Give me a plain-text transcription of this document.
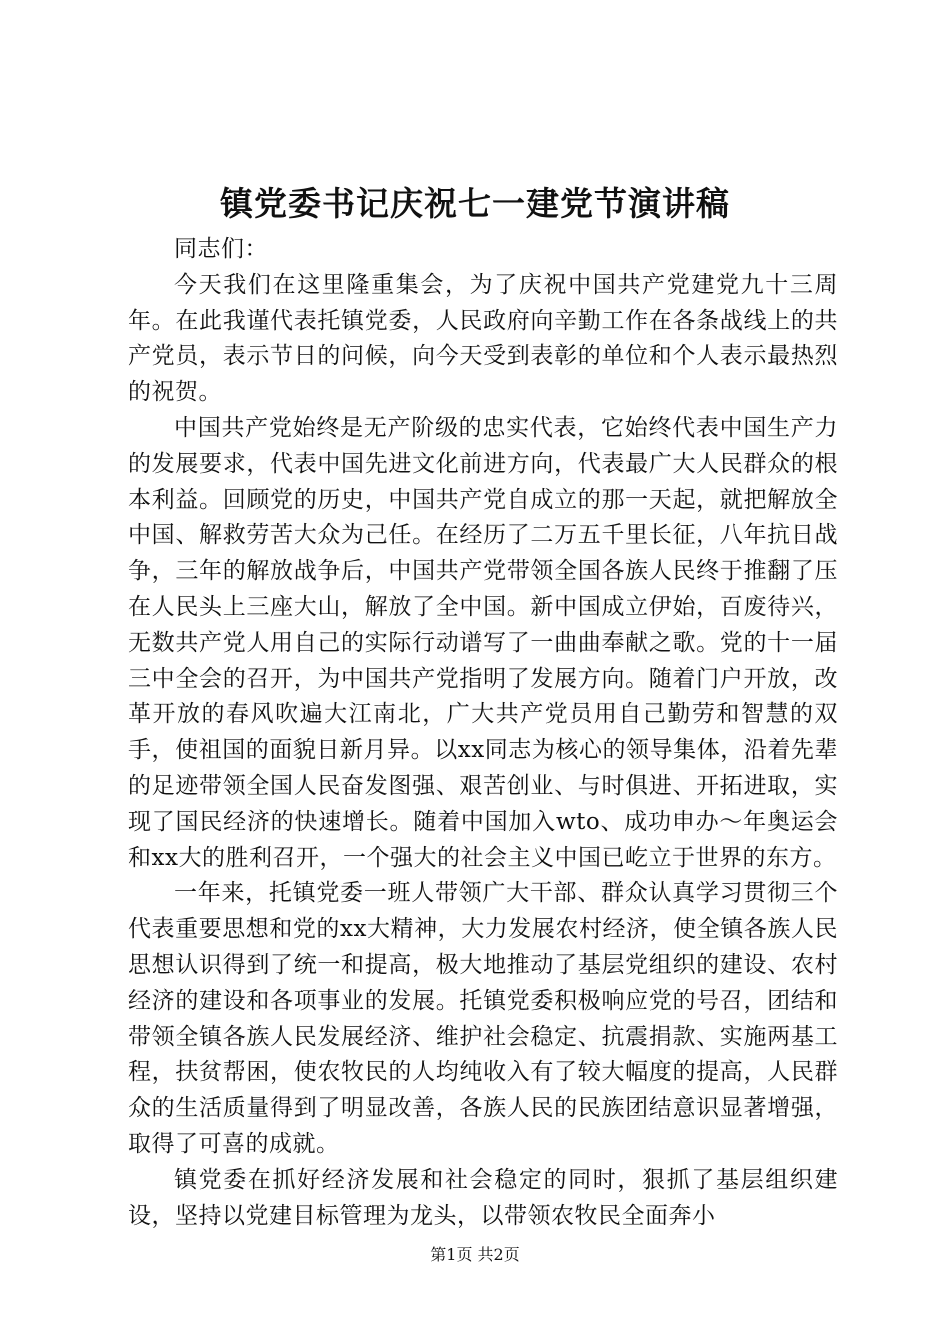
镇党委书记庆祝七一建党节演讲稿

同志们：

今天我们在这里隆重集会，为了庆祝中国共产党建党九十三周年。在此我谨代表托镇党委，人民政府向辛勤工作在各条战线上的共产党员，表示节日的问候，向今天受到表彰的单位和个人表示最热烈的祝贺。

中国共产党始终是无产阶级的忠实代表，它始终代表中国生产力的发展要求，代表中国先进文化前进方向，代表最广大人民群众的根本利益。回顾党的历史，中国共产党自成立的那一天起，就把解放全中国、解救劳苦大众为己任。在经历了二万五千里长征，八年抗日战争，三年的解放战争后，中国共产党带领全国各族人民终于推翻了压在人民头上三座大山，解放了全中国。新中国成立伊始，百废待兴，无数共产党人用自己的实际行动谱写了一曲曲奉献之歌。党的十一届三中全会的召开，为中国共产党指明了发展方向。随着门户开放，改革开放的春风吹遍大江南北，广大共产党员用自己勤劳和智慧的双手，使祖国的面貌日新月异。以xx同志为核心的领导集体，沿着先辈的足迹带领全国人民奋发图强、艰苦创业、与时俱进、开拓进取，实现了国民经济的快速增长。随着中国加入wto、成功申办～年奥运会和xx大的胜利召开，一个强大的社会主义中国已屹立于世界的东方。

一年来，托镇党委一班人带领广大干部、群众认真学习贯彻三个代表重要思想和党的xx大精神，大力发展农村经济，使全镇各族人民思想认识得到了统一和提高，极大地推动了基层党组织的建设、农村经济的建设和各项事业的发展。托镇党委积极响应党的号召，团结和带领全镇各族人民发展经济、维护社会稳定、抗震捐款、实施两基工程，扶贫帮困，使农牧民的人均纯收入有了较大幅度的提高，人民群众的生活质量得到了明显改善，各族人民的民族团结意识显著增强，取得了可喜的成就。

镇党委在抓好经济发展和社会稳定的同时，狠抓了基层组织建设，坚持以党建目标管理为龙头，以带领农牧民全面奔小

第1页 共2页
